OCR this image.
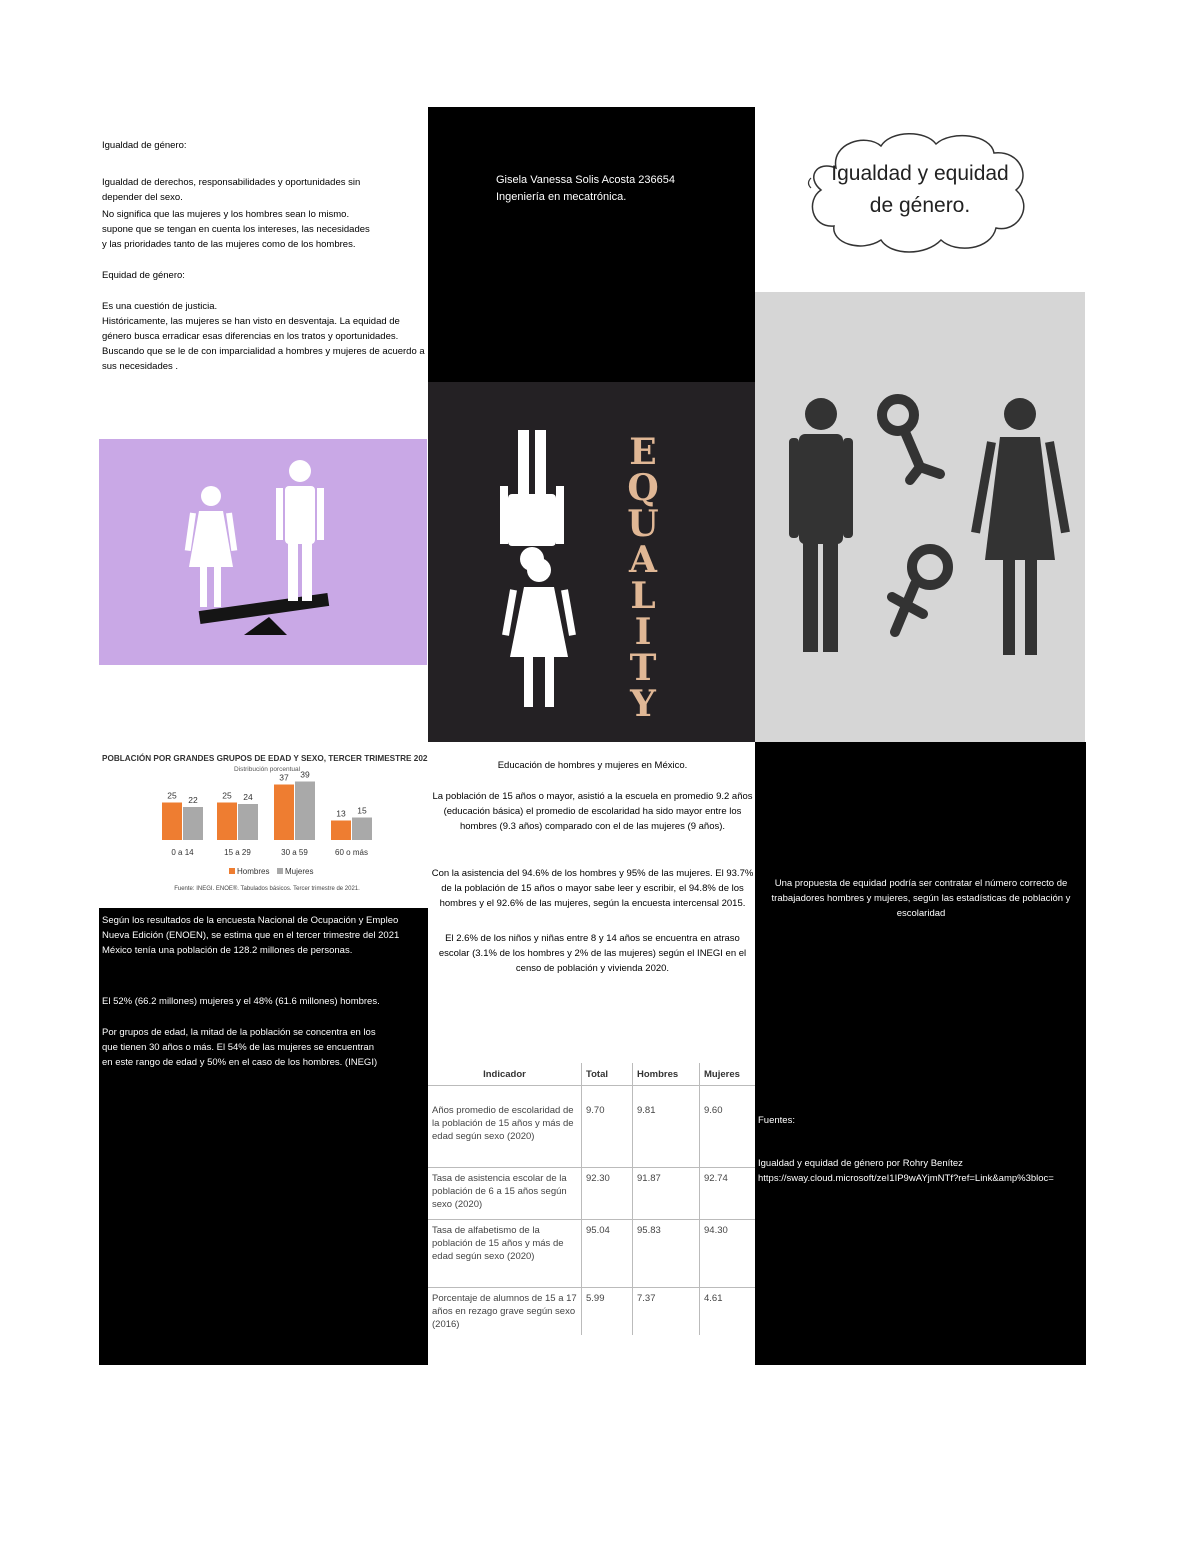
Igualdad de género:

Igualdad de derechos, responsabilidades y oportunidades sin depender del sexo.

No significa que las mujeres y los hombres sean lo mismo. supone que se tengan en cuenta los intereses, las necesidades y las prioridades tanto de las mujeres como de los hombres.

Equidad de género:

Es una cuestión de justicia.

Históricamente, las mujeres se han visto en desventaja. La equidad de género busca erradicar esas diferencias en los tratos y oportunidades. Buscando que se le de con imparcialidad a hombres y mujeres de acuerdo a sus necesidades .

Gisela Vanessa Solis Acosta 236654
Ingeniería en mecatrónica.
Igualdad y equidad
de género.
E
Q
U
A
L
I
T
Y
POBLACIÓN POR GRANDES GRUPOS DE EDAD Y SEXO, TERCER TRIMESTRE 2021
Distribución porcentual
25 22
0 a 14
25 24
15 a 29
37 39
30 a 59
13 15
60 o más
Hombres Mujeres
Fuente: INEGI. ENOE®. Tabulados básicos. Tercer trimestre de 2021.

Según los resultados de la encuesta Nacional de Ocupación y Empleo Nueva Edición (ENOEN), se estima que en el tercer trimestre del 2021 México tenía una población de 128.2 millones de personas.

El 52% (66.2 millones) mujeres y el 48% (61.6 millones) hombres.

Por grupos de edad, la mitad de la población se concentra en los que tienen 30 años o más. El 54% de las mujeres se encuentran en este rango de edad y 50% en el caso de los hombres. (INEGI)

Educación de hombres y mujeres en México.

La población de 15 años o mayor, asistió a la escuela en promedio 9.2 años (educación básica) el promedio de escolaridad ha sido mayor entre los hombres (9.3 años) comparado con el de las mujeres (9 años).

Con la asistencia del 94.6% de los hombres y 95% de las mujeres. El 93.7% de la población de 15 años o mayor sabe leer y escribir, el 94.8% de los hombres y el 92.6% de las mujeres, según la encuesta intercensal 2015.

El 2.6% de los niños y niñas entre 8 y 14 años se encuentra en atraso escolar (3.1% de los hombres y 2% de las mujeres) según el INEGI en el censo de población y vivienda 2020.

Indicador	Total	Hombres	Mujeres
Años promedio de escolaridad de la población de 15 años y más de edad según sexo (2020)	9.70	9.81	9.60
Tasa de asistencia escolar de la población de 6 a 15 años según sexo (2020)	92.30	91.87	92.74
Tasa de alfabetismo de la población de 15 años y más de edad según sexo (2020)	95.04	95.83	94.30
Porcentaje de alumnos de 15 a 17 años en rezago grave según sexo (2016)	5.99	7.37	4.61
Una propuesta de equidad podría ser contratar el número correcto de trabajadores hombres y mujeres, según las estadísticas de población y escolaridad

Fuentes:

Igualdad y equidad de género por Rohry Benítez
https://sway.cloud.microsoft/zeI1IP9wAYjmNTf?ref=Link&amp%3bloc=
